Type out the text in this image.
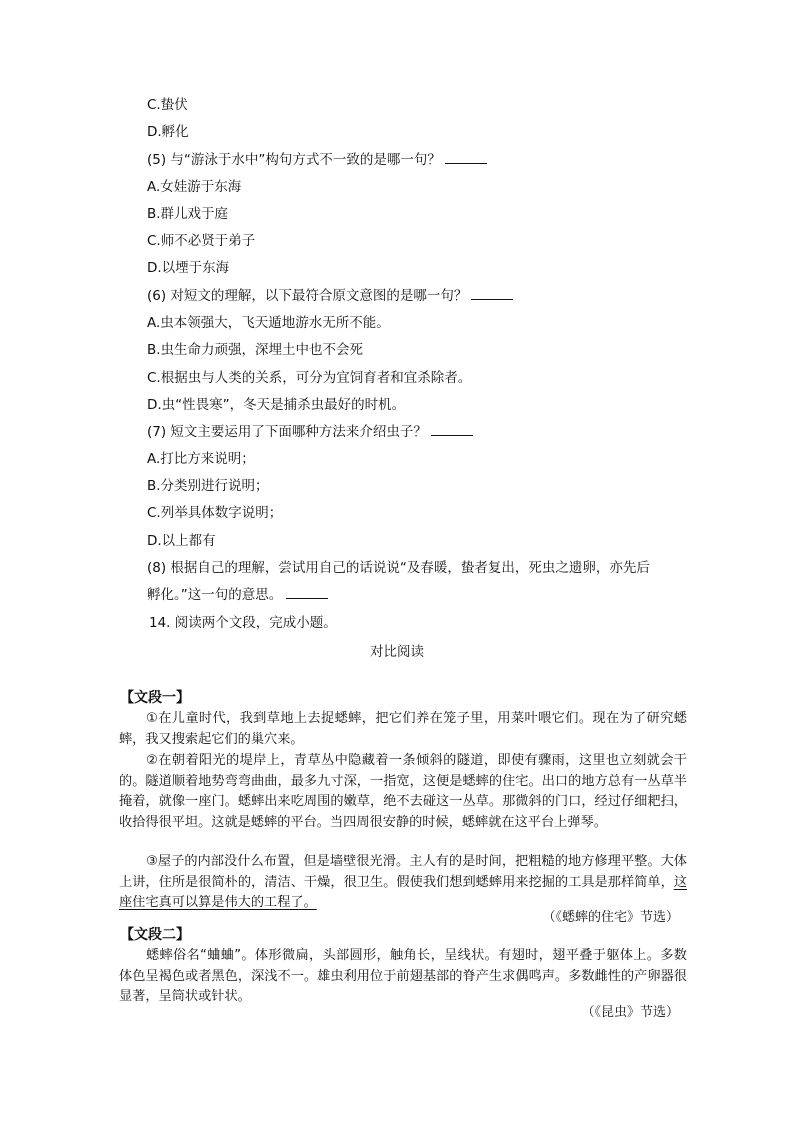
C.蛰伏
D.孵化
(5) 与“游泳于水中”构句方式不一致的是哪一句？
A.女娃游于东海
B.群儿戏于庭
C.师不必贤于弟子
D.以堙于东海
(6) 对短文的理解，以下最符合原文意图的是哪一句？
A.虫本领强大，飞天遁地游水无所不能。
B.虫生命力顽强，深埋土中也不会死
C.根据虫与人类的关系，可分为宜饲育者和宜杀除者。
D.虫“性畏寒”，冬天是捕杀虫最好的时机。
(7) 短文主要运用了下面哪种方法来介绍虫子？
A.打比方来说明；
B.分类别进行说明；
C.列举具体数字说明；
D.以上都有
(8) 根据自己的理解，尝试用自己的话说说“及春暖，蛰者复出，死虫之遗卵，亦先后
孵化。”这一句的意思。
14. 阅读两个文段，完成小题。
对比阅读
【文段一】
①在儿童时代，我到草地上去捉蟋蟀，把它们养在笼子里，用菜叶喂它们。现在为了研究蟋蟀，我又搜索起它们的巢穴来。
②在朝着阳光的堤岸上，青草丛中隐藏着一条倾斜的隧道，即使有骤雨，这里也立刻就会干的。隧道顺着地势弯弯曲曲，最多九寸深，一指宽，这便是蟋蟀的住宅。出口的地方总有一丛草半掩着，就像一座门。蟋蟀出来吃周围的嫩草，绝不去碰这一丛草。那微斜的门口，经过仔细耙扫，收拾得很平坦。这就是蟋蟀的平台。当四周很安静的时候，蟋蟀就在这平台上弹琴。
③屋子的内部没什么布置，但是墙壁很光滑。主人有的是时间，把粗糙的地方修理平整。大体上讲，住所是很简朴的，清洁、干燥，很卫生。假使我们想到蟋蟀用来挖掘的工具是那样简单，这座住宅真可以算是伟大的工程了。
（《蟋蟀的住宅》节选）
【文段二】
蟋蟀俗名“蛐蛐”。体形微扁，头部圆形，触角长，呈线状。有翅时，翅平叠于躯体上。多数体色呈褐色或者黑色，深浅不一。雄虫利用位于前翅基部的脊产生求偶鸣声。多数雌性的产卵器很显著，呈筒状或针状。
（《昆虫》节选）
